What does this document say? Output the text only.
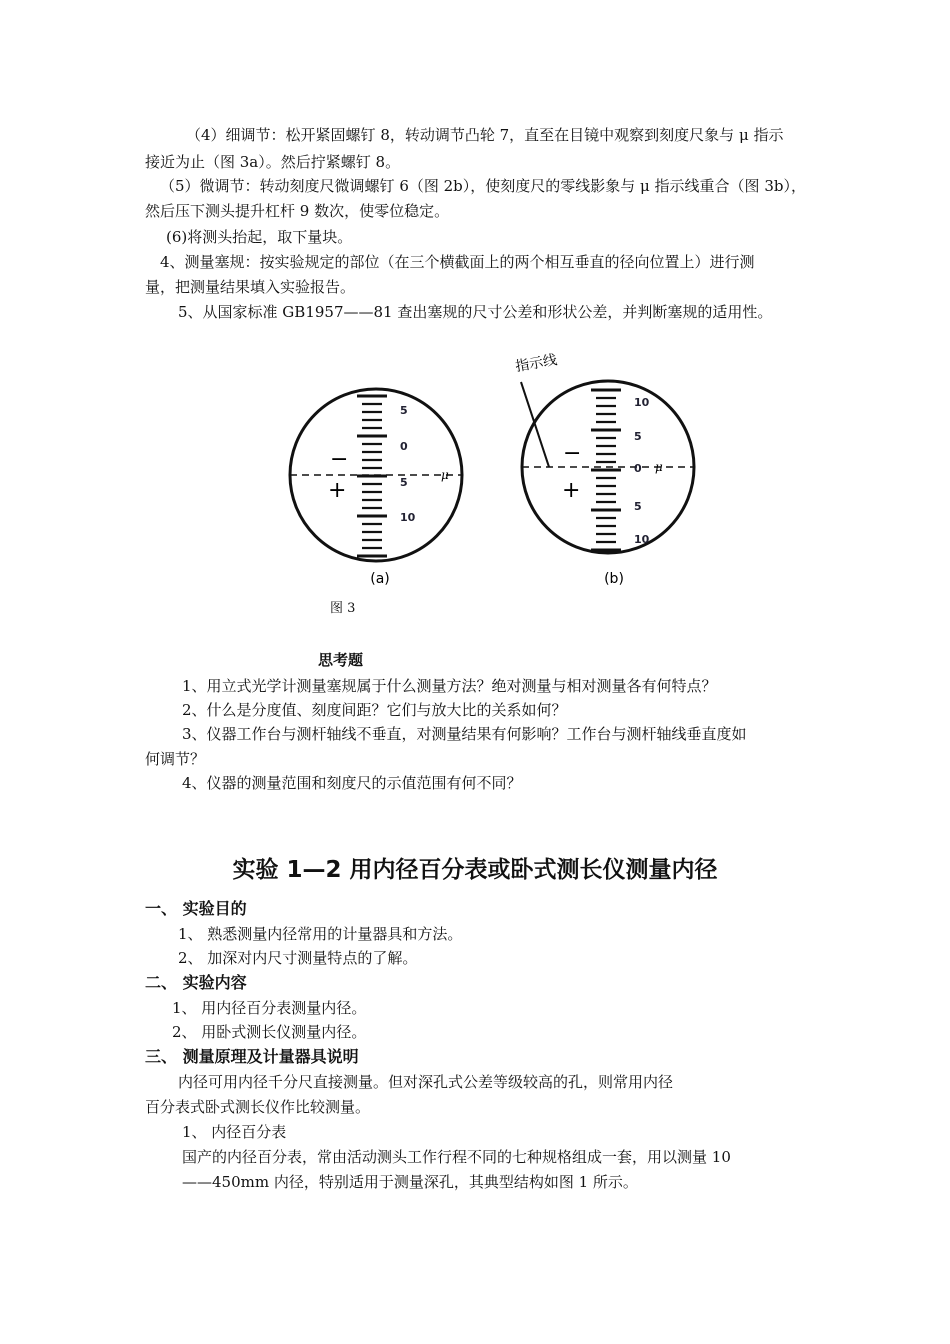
（4）细调节：松开紧固螺钉 8，转动调节凸轮 7，直至在目镜中观察到刻度尺象与 μ 指示
接近为止（图 3a）。然后拧紧螺钉 8。
（5）微调节：转动刻度尺微调螺钉 6（图 2b），使刻度尺的零线影象与 μ 指示线重合（图 3b），
然后压下测头提升杠杆 9 数次，使零位稳定。
(6)将测头抬起，取下量块。
4、测量塞规：按实验规定的部位（在三个横截面上的两个相互垂直的径向位置上）进行测
量，把测量结果填入实验报告。
5、从国家标准 GB1957——81 查出塞规的尺寸公差和形状公差，并判断塞规的适用性。
5
0
5
10
−
+
μ
10
5
0
5
10
−
+
μ
指示线
(a)	(b)
图 3
思考题
1、用立式光学计测量塞规属于什么测量方法？绝对测量与相对测量各有何特点？
2、什么是分度值、刻度间距？它们与放大比的关系如何？
3、仪器工作台与测杆轴线不垂直，对测量结果有何影响？工作台与测杆轴线垂直度如
何调节？
4、仪器的测量范围和刻度尺的示值范围有何不同？
实验 1—2 用内径百分表或卧式测长仪测量内径
一、 实验目的
1、 熟悉测量内径常用的计量器具和方法。
2、 加深对内尺寸测量特点的了解。
二、 实验内容
1、 用内径百分表测量内径。
2、 用卧式测长仪测量内径。
三、 测量原理及计量器具说明
内径可用内径千分尺直接测量。但对深孔式公差等级较高的孔，则常用内径
百分表式卧式测长仪作比较测量。
1、 内径百分表
国产的内径百分表，常由活动测头工作行程不同的七种规格组成一套，用以测量 10
——450mm 内径，特别适用于测量深孔，其典型结构如图 1 所示。
